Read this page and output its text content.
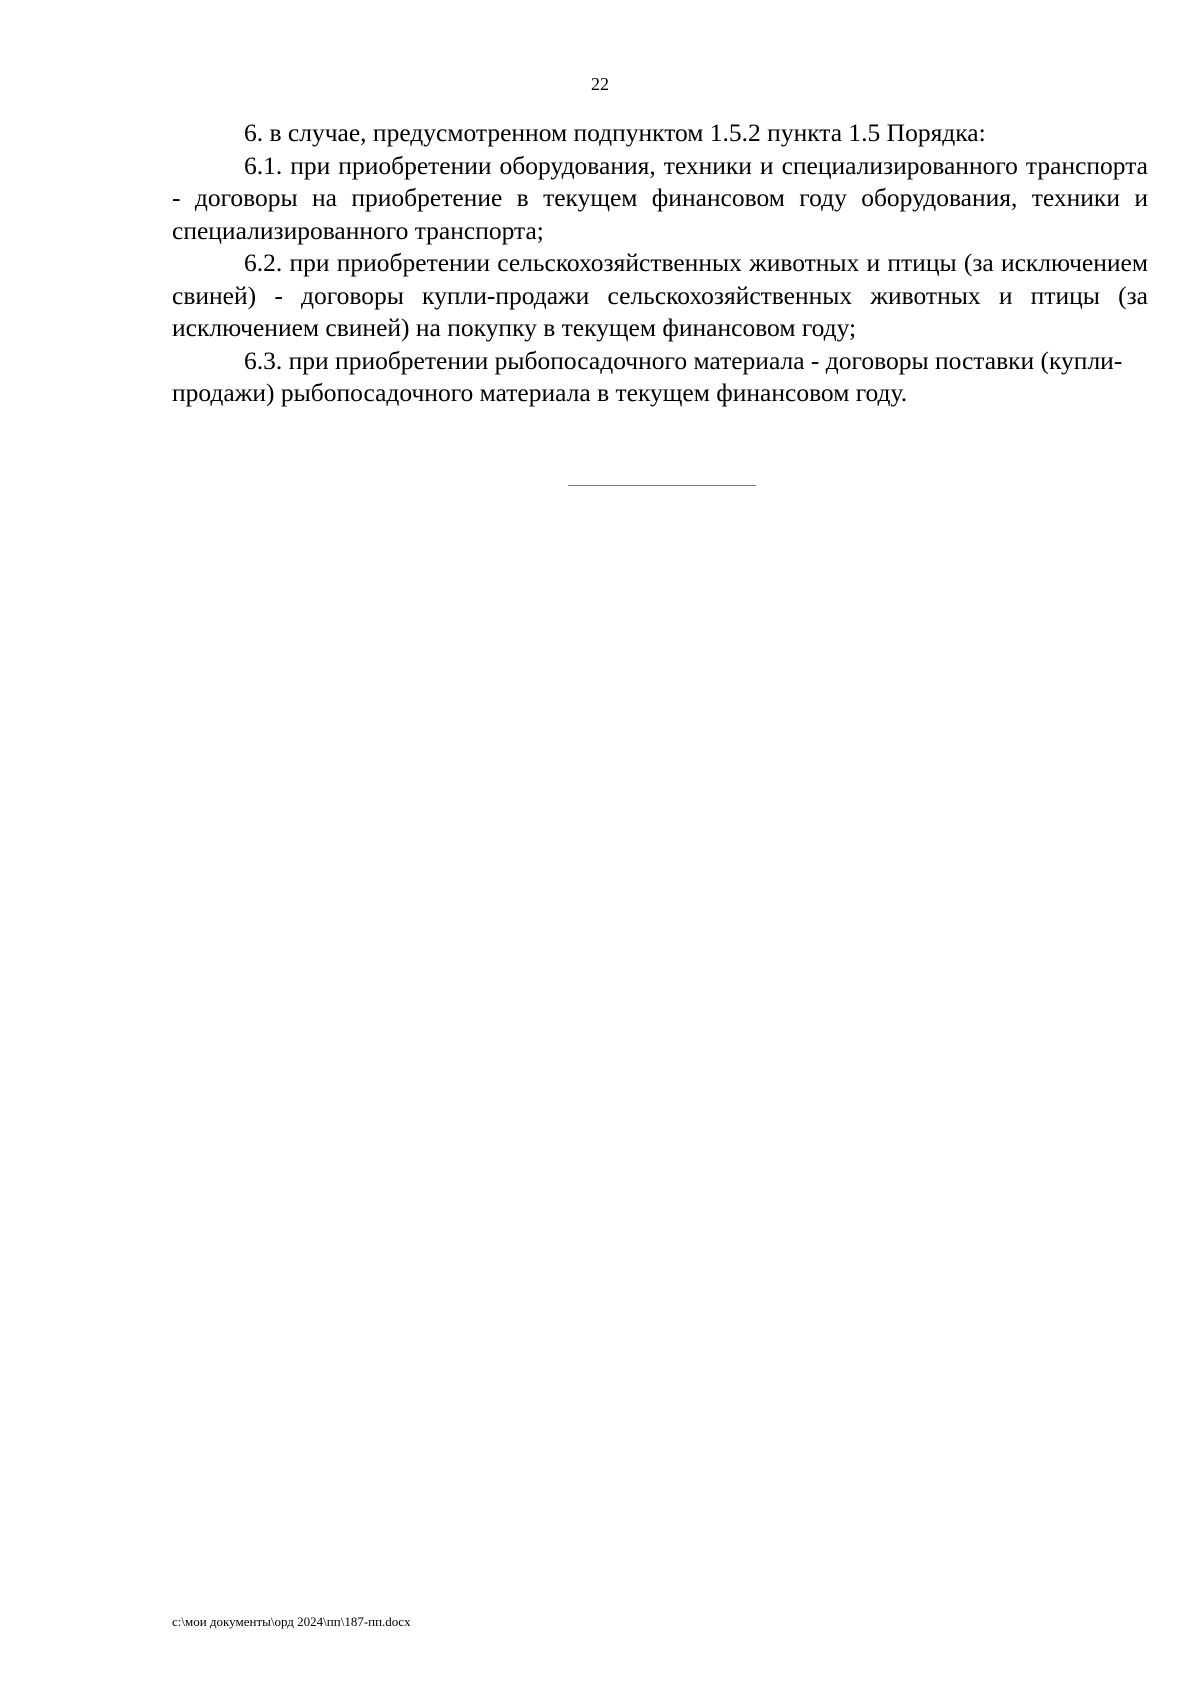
22

6. в случае, предусмотренном подпунктом 1.5.2 пункта 1.5 Порядка:

6.1. при приобретении оборудования, техники и специализированного транспорта - договоры на приобретение в текущем финансовом году оборудования, техники и специализированного транспорта;

6.2. при приобретении сельскохозяйственных животных и птицы (за исключением свиней) - договоры купли-продажи сельскохозяйственных животных и птицы (за исключением свиней) на покупку в текущем финансовом году;

6.3. при приобретении рыбопосадочного материала - договоры поставки (купли-продажи) рыбопосадочного материала в текущем финансовом году.

c:\мои документы\орд 2024\пп\187-пп.docx
